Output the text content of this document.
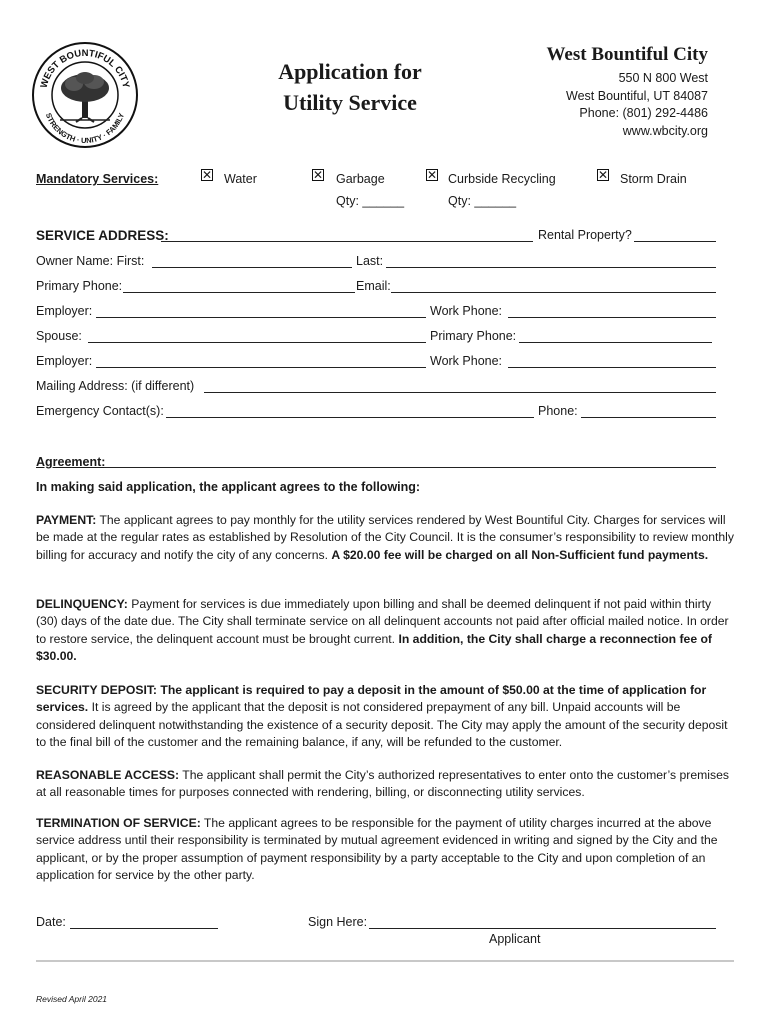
WEST BOUNTIFUL CITY
STRENGTH · UNITY · FAMILY
Application for
Utility Service
West Bountiful City
550 N 800 West
West Bountiful, UT 84087
Phone: (801) 292-4486
www.wbcity.org
Mandatory Services:	✕ Water	✕ Garbage
Qty: ______
✕ Curbside Recycling
Qty: ______
✕ Storm Drain
SERVICE ADDRESS:	Rental Property?
Owner Name: First:	Last:
Primary Phone:	Email:
Employer:	Work Phone:
Spouse:	Primary Phone:
Employer:	Work Phone:
Mailing Address: (if different)
Emergency Contact(s):	Phone:
Agreement:
In making said application, the applicant agrees to the following:
PAYMENT: The applicant agrees to pay monthly for the utility services rendered by West Bountiful City. Charges for services will be made at the regular rates as established by Resolution of the City Council. It is the consumer’s responsibility to review monthly billing for accuracy and notify the city of any concerns. A $20.00 fee will be charged on all Non-Sufficient fund payments.
DELINQUENCY: Payment for services is due immediately upon billing and shall be deemed delinquent if not paid within thirty (30) days of the date due. The City shall terminate service on all delinquent accounts not paid after official mailed notice. In order to restore service, the delinquent account must be brought current. In addition, the City shall charge a reconnection fee of $30.00.
SECURITY DEPOSIT: The applicant is required to pay a deposit in the amount of $50.00 at the time of application for services. It is agreed by the applicant that the deposit is not considered prepayment of any bill. Unpaid accounts will be considered delinquent notwithstanding the existence of a security deposit. The City may apply the amount of the security deposit to the final bill of the customer and the remaining balance, if any, will be refunded to the customer.
REASONABLE ACCESS: The applicant shall permit the City’s authorized representatives to enter onto the customer’s premises at all reasonable times for purposes connected with rendering, billing, or disconnecting utility services.
TERMINATION OF SERVICE: The applicant agrees to be responsible for the payment of utility charges incurred at the above service address until their responsibility is terminated by mutual agreement evidenced in writing and signed by the City and the applicant, or by the proper assumption of payment responsibility by a party acceptable to the City and upon completion of an application for service by the other party.
Date:	Sign Here:
Applicant
Revised April 2021
